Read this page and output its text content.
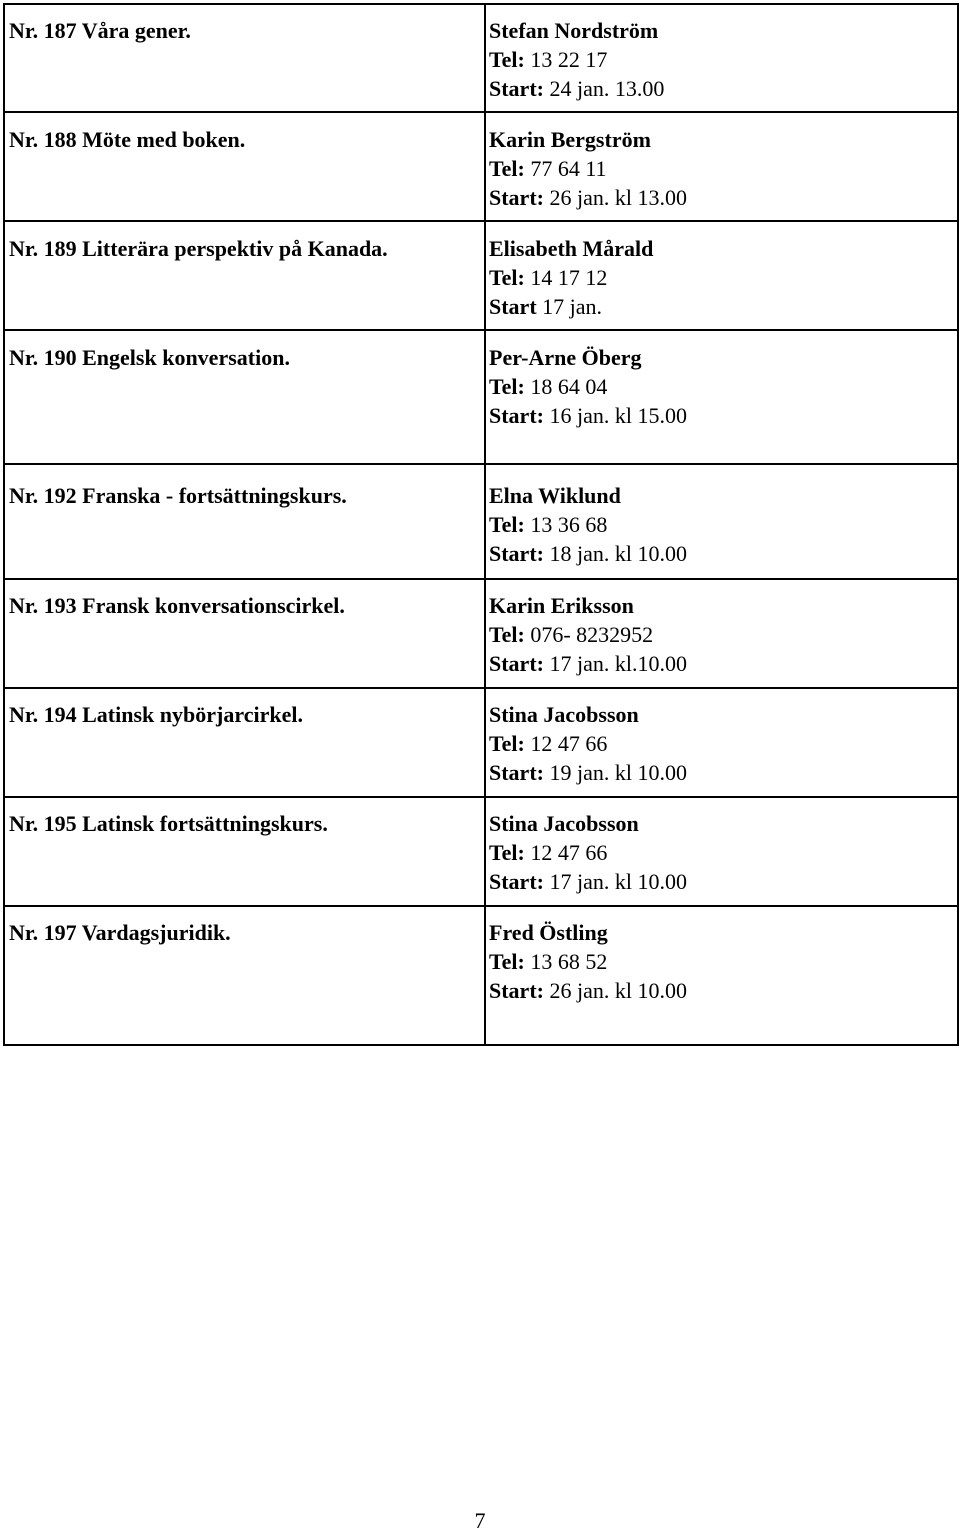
Nr. 187 Våra gener.	Stefan Nordström
Tel: 13 22 17
Start: 24 jan. 13.00
Nr. 188 Möte med boken.	Karin Bergström
Tel: 77 64 11
Start: 26 jan. kl 13.00
Nr. 189 Litterära perspektiv på Kanada.	Elisabeth Mårald
Tel: 14 17 12
Start 17 jan.
Nr. 190 Engelsk konversation.	Per-Arne Öberg
Tel: 18 64 04
Start: 16 jan. kl 15.00
Nr. 192 Franska - fortsättningskurs.	Elna Wiklund
Tel: 13 36 68
Start: 18 jan. kl 10.00
Nr. 193 Fransk konversationscirkel.	Karin Eriksson
Tel: 076- 8232952
Start: 17 jan. kl.10.00
Nr. 194 Latinsk nybörjarcirkel.	Stina Jacobsson
Tel: 12 47 66
Start: 19 jan. kl 10.00
Nr. 195 Latinsk fortsättningskurs.	Stina Jacobsson
Tel: 12 47 66
Start: 17 jan. kl 10.00
Nr. 197 Vardagsjuridik.	Fred Östling
Tel: 13 68 52
Start: 26 jan. kl 10.00
7
